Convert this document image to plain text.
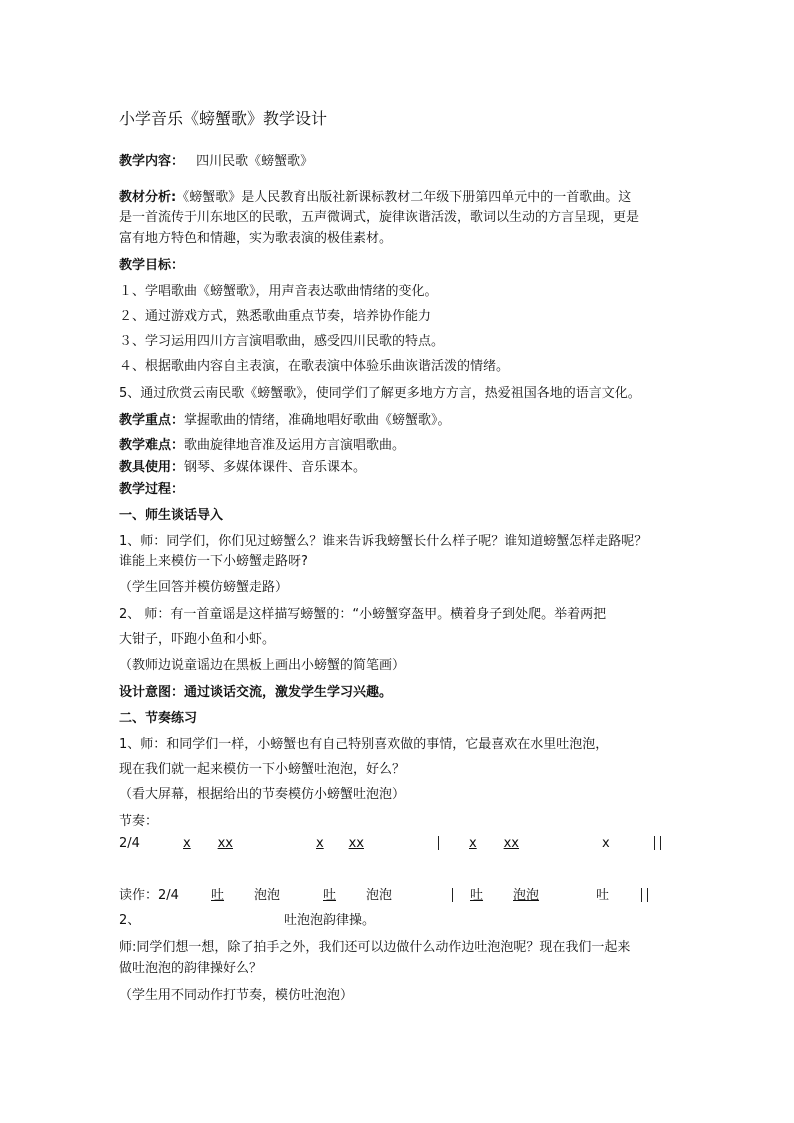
小学音乐《螃蟹歌》教学设计
教学内容： 四川民歌《螃蟹歌》
教材分析:《螃蟹歌》是人民教育出版社新课标教材二年级下册第四单元中的一首歌曲。这
是一首流传于川东地区的民歌，五声微调式，旋律诙谐活泼，歌词以生动的方言呈现，更是
富有地方特色和情趣，实为歌表演的极佳素材。
教学目标：
１、学唱歌曲《螃蟹歌》，用声音表达歌曲情绪的变化。
２、通过游戏方式，熟悉歌曲重点节奏，培养协作能力
３、学习运用四川方言演唱歌曲，感受四川民歌的特点。
４、根据歌曲内容自主表演，在歌表演中体验乐曲诙谐活泼的情绪。
5、通过欣赏云南民歌《螃蟹歌》，使同学们了解更多地方方言，热爱祖国各地的语言文化。
教学重点：掌握歌曲的情绪，准确地唱好歌曲《螃蟹歌》。
教学难点：歌曲旋律地音准及运用方言演唱歌曲。
教具使用：钢琴、多媒体课件、音乐课本。
教学过程：
一、师生谈话导入
1、师：同学们，你们见过螃蟹么？谁来告诉我螃蟹长什么样子呢？谁知道螃蟹怎样走路呢？
谁能上来模仿一下小螃蟹走路呀?
（学生回答并模仿螃蟹走路）
2、 师：有一首童谣是这样描写螃蟹的：“小螃蟹穿盔甲。横着身子到处爬。举着两把
大钳子，吓跑小鱼和小虾。
（教师边说童谣边在黑板上画出小螃蟹的简笔画）
设计意图：通过谈话交流，激发学生学习兴趣。
二、节奏练习
1、师：和同学们一样，小螃蟹也有自己特别喜欢做的事情，它最喜欢在水里吐泡泡，
现在我们就一起来模仿一下小螃蟹吐泡泡，好么？
（看大屏幕，根据给出的节奏模仿小螃蟹吐泡泡）
节奏：
2/4	x	xx	x	xx	x	xx	x
读作：2/4 吐	泡泡	吐	泡泡	吐	泡泡	吐
2、	吐泡泡韵律操。
师:同学们想一想，除了拍手之外，我们还可以边做什么动作边吐泡泡呢？现在我们一起来
做吐泡泡的韵律操好么？
（学生用不同动作打节奏，模仿吐泡泡）
